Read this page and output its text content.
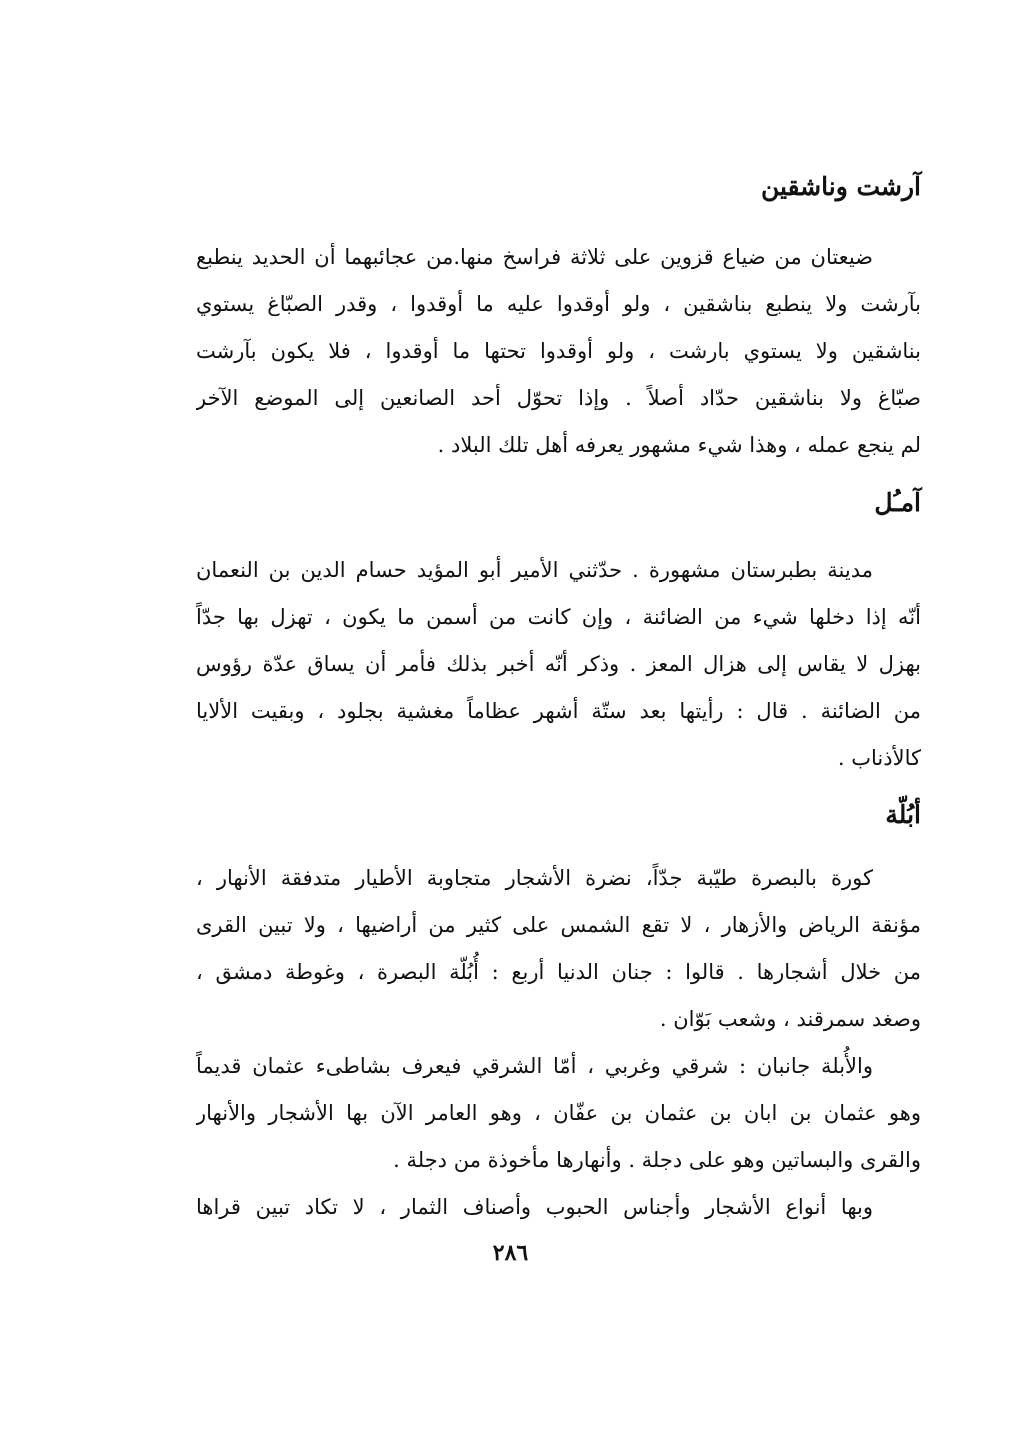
آرشت وناشقين
ضيعتان من ضياع قزوين على ثلاثة فراسخ منها.من عجائبهما أن الحديد ينطبع
بآرشت ولا ينطبع بناشقين ، ولو أوقدوا عليه ما أوقدوا ، وقدر الصبّاغ يستوي
بناشقين ولا يستوي بارشت ، ولو أوقدوا تحتها ما أوقدوا ، فلا يكون بآرشت
صبّاغ ولا بناشقين حدّاد أصلاً . وإذا تحوّل أحد الصانعين إلى الموضع الآخر
لم ينجع عمله ، وهذا شيء مشهور يعرفه أهل تلك البلاد .
آمـُل
مدينة بطبرستان مشهورة . حدّثني الأمير أبو المؤيد حسام الدين بن النعمان
أنّه إذا دخلها شيء من الضائنة ، وإن كانت من أسمن ما يكون ، تهزل بها جدّاً
بهزل لا يقاس إلى هزال المعز . وذكر أنّه أخبر بذلك فأمر أن يساق عدّة رؤوس
من الضائنة . قال : رأيتها بعد ستّة أشهر عظاماً مغشية بجلود ، وبقيت الألايا
كالأذناب .
أبُلّة
كورة بالبصرة طيّبة جدّاً، نضرة الأشجار متجاوبة الأطيار متدفقة الأنهار ،
مؤنقة الرياض والأزهار ، لا تقع الشمس على كثير من أراضيها ، ولا تبين القرى
من خلال أشجارها . قالوا : جنان الدنيا أربع : أُبُلّة البصرة ، وغوطة دمشق ،
وصغد سمرقند ، وشعب بَوّان .
والأُبلة جانبان : شرقي وغربي ، أمّا الشرقي فيعرف بشاطىء عثمان قديماً
وهو عثمان بن ابان بن عثمان بن عفّان ، وهو العامر الآن بها الأشجار والأنهار
والقرى والبساتين وهو على دجلة . وأنهارها مأخوذة من دجلة .
وبها أنواع الأشجار وأجناس الحبوب وأصناف الثمار ، لا تكاد تبين قراها
٢٨٦
